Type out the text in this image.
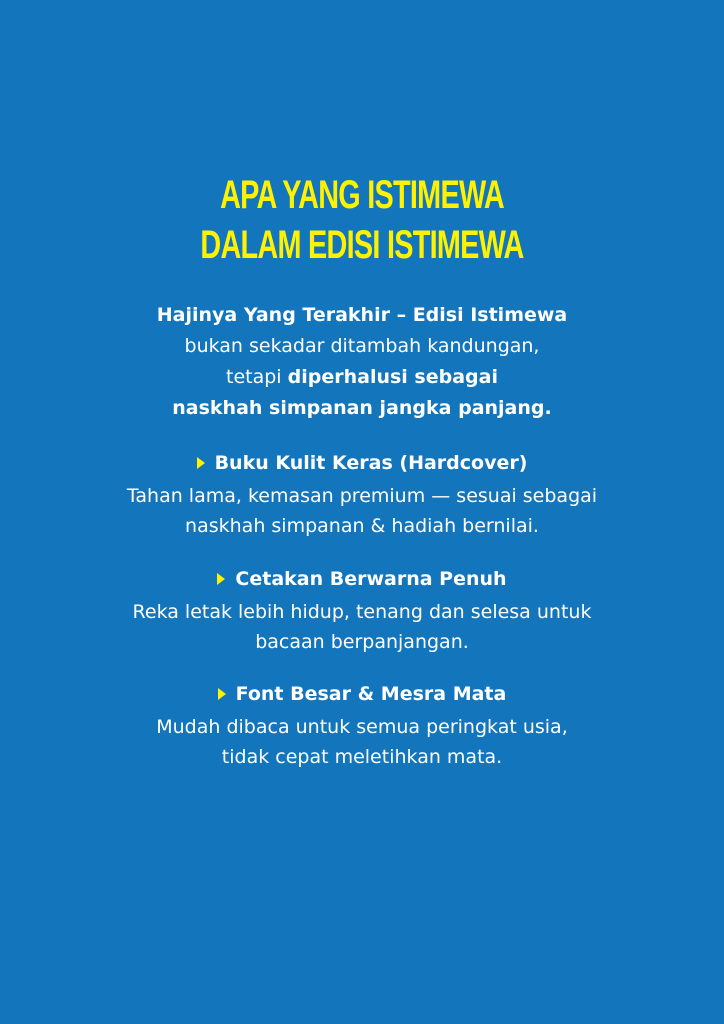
APA YANG ISTIMEWA
DALAM EDISI ISTIMEWA
Hajinya Yang Terakhir – Edisi Istimewa
bukan sekadar ditambah kandungan,
tetapi diperhalusi sebagai
naskhah simpanan jangka panjang.
Buku Kulit Keras (Hardcover)
Tahan lama, kemasan premium — sesuai sebagai
naskhah simpanan & hadiah bernilai.
Cetakan Berwarna Penuh
Reka letak lebih hidup, tenang dan selesa untuk
bacaan berpanjangan.
Font Besar & Mesra Mata
Mudah dibaca untuk semua peringkat usia,
tidak cepat meletihkan mata.
